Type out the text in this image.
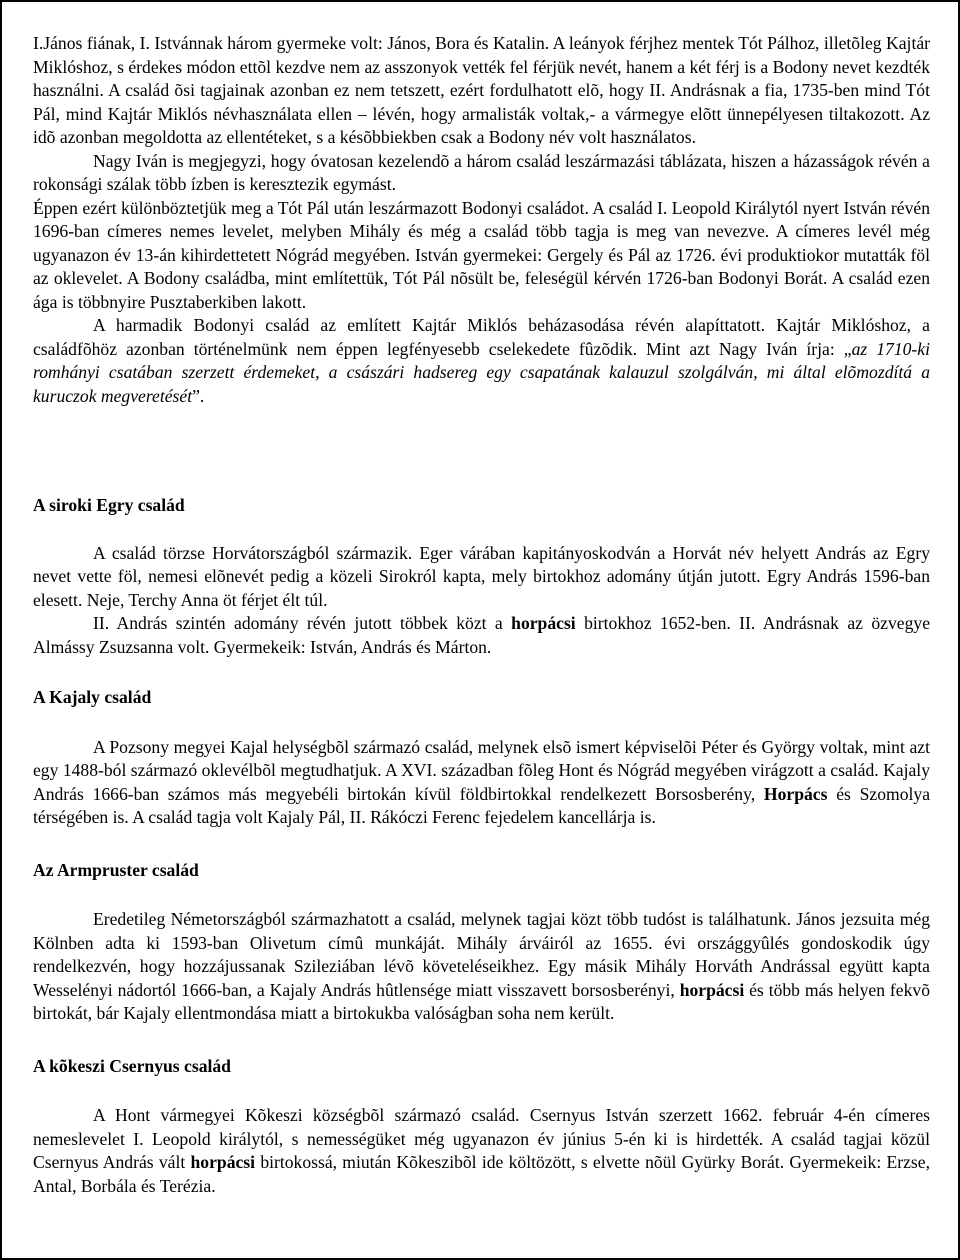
I.János fiának, I. Istvánnak három gyermeke volt: János, Bora és Katalin. A leányok férjhez mentek Tót Pálhoz, illetõleg Kajtár Miklóshoz, s érdekes módon ettõl kezdve nem az asszonyok vették fel férjük nevét, hanem a két férj is a Bodony nevet kezdték használni. A család õsi tagjainak azonban ez nem tetszett, ezért fordulhatott elõ, hogy II. Andrásnak a fia, 1735-ben mind Tót Pál, mind Kajtár Miklós névhasználata ellen – lévén, hogy armalisták voltak,- a vármegye elõtt ünnepélyesen tiltakozott. Az idõ azonban megoldotta az ellentéteket, s a késõbbiekben csak a Bodony név volt használatos.

Nagy Iván is megjegyzi, hogy óvatosan kezelendõ a három család leszármazási táblázata, hiszen a házasságok révén a rokonsági szálak több ízben is keresztezik egymást.

Éppen ezért különböztetjük meg a Tót Pál után leszármazott Bodonyi családot. A család I. Leopold Királytól nyert István révén 1696-ban címeres nemes levelet, melyben Mihály és még a család több tagja is meg van nevezve. A címeres levél még ugyanazon év 13-án kihirdettetett Nógrád megyében. István gyermekei: Gergely és Pál az 1726. évi produktiokor mutatták föl az oklevelet. A Bodony családba, mint említettük, Tót Pál nõsült be, feleségül kérvén 1726-ban Bodonyi Borát. A család ezen ága is többnyire Pusztaberkiben lakott.

A harmadik Bodonyi család az említett Kajtár Miklós beházasodása révén alapíttatott. Kajtár Miklóshoz, a családfõhöz azonban történelmünk nem éppen legfényesebb cselekedete fûzõdik. Mint azt Nagy Iván írja: „az 1710-ki romhányi csatában szerzett érdemeket, a császári hadsereg egy csapatának kalauzul szolgálván, mi által elõmozdítá a kuruczok megveretését”.

A siroki Egry család

A család törzse Horvátországból származik. Eger várában kapitányoskodván a Horvát név helyett András az Egry nevet vette föl, nemesi elõnevét pedig a közeli Sirokról kapta, mely birtokhoz adomány útján jutott. Egry András 1596-ban elesett. Neje, Terchy Anna öt férjet élt túl.

II. András szintén adomány révén jutott többek közt a horpácsi birtokhoz 1652-ben. II. Andrásnak az özvegye Almássy Zsuzsanna volt. Gyermekeik: István, András és Márton.

A Kajaly család

A Pozsony megyei Kajal helységbõl származó család, melynek elsõ ismert képviselõi Péter és György voltak, mint azt egy 1488-ból származó oklevélbõl megtudhatjuk. A XVI. században fõleg Hont és Nógrád megyében virágzott a család. Kajaly András 1666-ban számos más megyebéli birtokán kívül földbirtokkal rendelkezett Borsosberény, Horpács és Szomolya térségében is. A család tagja volt Kajaly Pál, II. Rákóczi Ferenc fejedelem kancellárja is.

Az Armpruster család

Eredetileg Németországból származhatott a család, melynek tagjai közt több tudóst is találhatunk. János jezsuita még Kölnben adta ki 1593-ban Olivetum címû munkáját. Mihály árváiról az 1655. évi országgyûlés gondoskodik úgy rendelkezvén, hogy hozzájussanak Szileziában lévõ követeléseikhez. Egy másik Mihály Horváth Andrással együtt kapta Wesselényi nádortól 1666-ban, a Kajaly András hûtlensége miatt visszavett borsosberényi, horpácsi és több más helyen fekvõ birtokát, bár Kajaly ellentmondása miatt a birtokukba valóságban soha nem került.

A kõkeszi Csernyus család

A Hont vármegyei Kõkeszi községbõl származó család. Csernyus István szerzett 1662. február 4-én címeres nemeslevelet I. Leopold királytól, s nemességüket még ugyanazon év június 5-én ki is hirdették. A család tagjai közül Csernyus András vált horpácsi birtokossá, miután Kõkeszibõl ide költözött, s elvette nõül Gyürky Borát. Gyermekeik: Erzse, Antal, Borbála és Terézia.
